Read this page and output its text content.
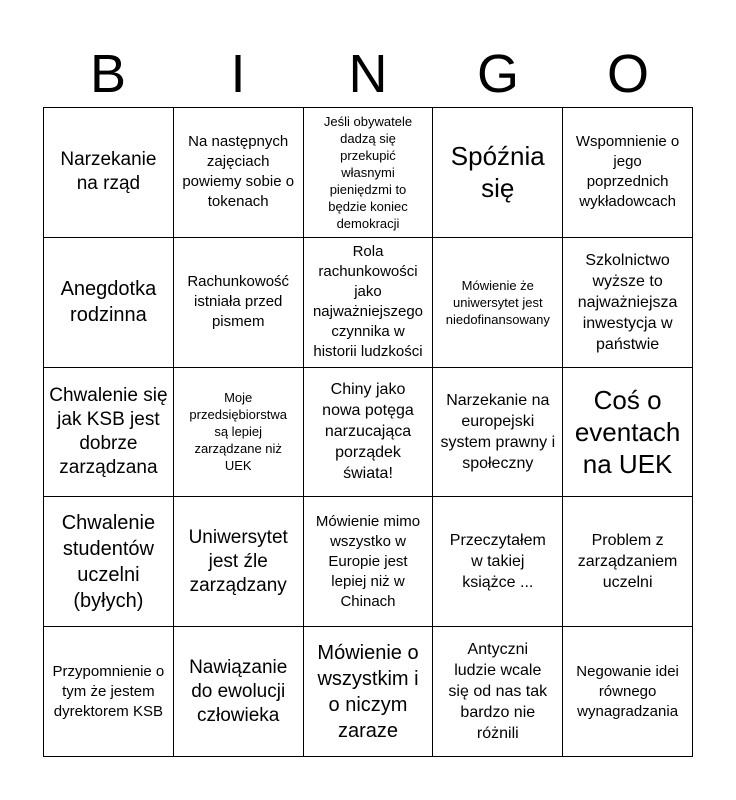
B	I	N	G	O
Narzekanie na rząd
Na następnych zajęciach powiemy sobie o tokenach
Jeśli obywatele dadzą się przekupić własnymi pieniędzmi to będzie koniec demokracji
Spóźnia się
Wspomnienie o jego poprzednich wykładowcach
Anegdotka rodzinna
Rachunkowość istniała przed pismem
Rola rachunkowości jako najważniejszego czynnika w historii ludzkości
Mówienie że uniwersytet jest niedofinansowany
Szkolnictwo wyższe to najważniejsza inwestycja w państwie
Chwalenie się jak KSB jest dobrze zarządzana
Moje przedsiębiorstwa są lepiej zarządzane niż UEK
Chiny jako nowa potęga narzucająca porządek świata!
Narzekanie na europejski system prawny i społeczny
Coś o eventach na UEK
Chwalenie studentów uczelni (byłych)
Uniwersytet jest źle zarządzany
Mówienie mimo wszystko w Europie jest lepiej niż w Chinach
Przeczytałem w takiej książce ...
Problem z zarządzaniem uczelni
Przypomnienie o tym że jestem dyrektorem KSB
Nawiązanie do ewolucji człowieka
Mówienie o wszystkim i o niczym zaraze
Antyczni ludzie wcale się od nas tak bardzo nie różnili
Negowanie idei równego wynagradzania
